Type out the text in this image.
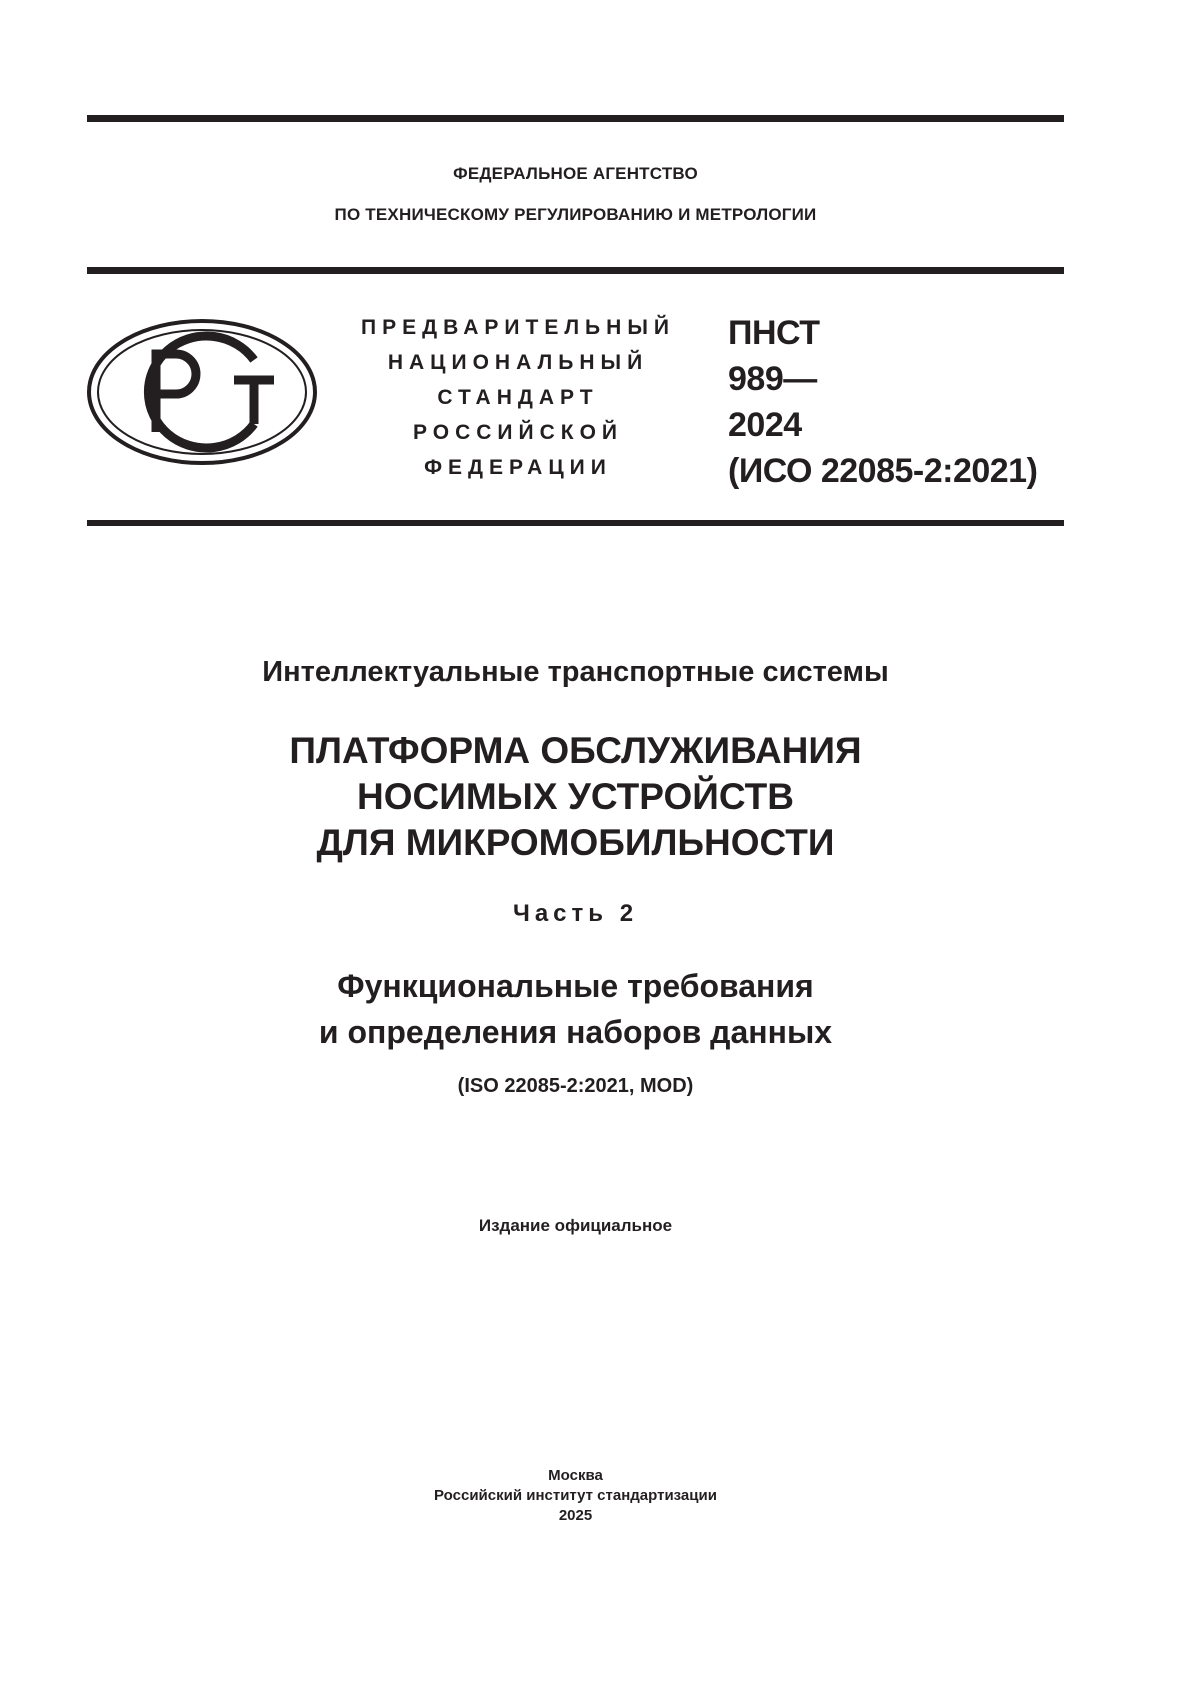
ФЕДЕРАЛЬНОЕ АГЕНТСТВО
ПО ТЕХНИЧЕСКОМУ РЕГУЛИРОВАНИЮ И МЕТРОЛОГИИ
ПРЕДВАРИТЕЛЬНЫЙ
НАЦИОНАЛЬНЫЙ
СТАНДАРТ
РОССИЙСКОЙ
ФЕДЕРАЦИИ
ПНСТ
989—
2024
(ИСО 22085-2:2021)
Интеллектуальные транспортные системы
ПЛАТФОРМА ОБСЛУЖИВАНИЯ
НОСИМЫХ УСТРОЙСТВ
ДЛЯ МИКРОМОБИЛЬНОСТИ
Часть 2
Функциональные требования
и определения наборов данных
(ISO 22085-2:2021, MOD)
Издание официальное
Москва
Российский институт стандартизации
2025
